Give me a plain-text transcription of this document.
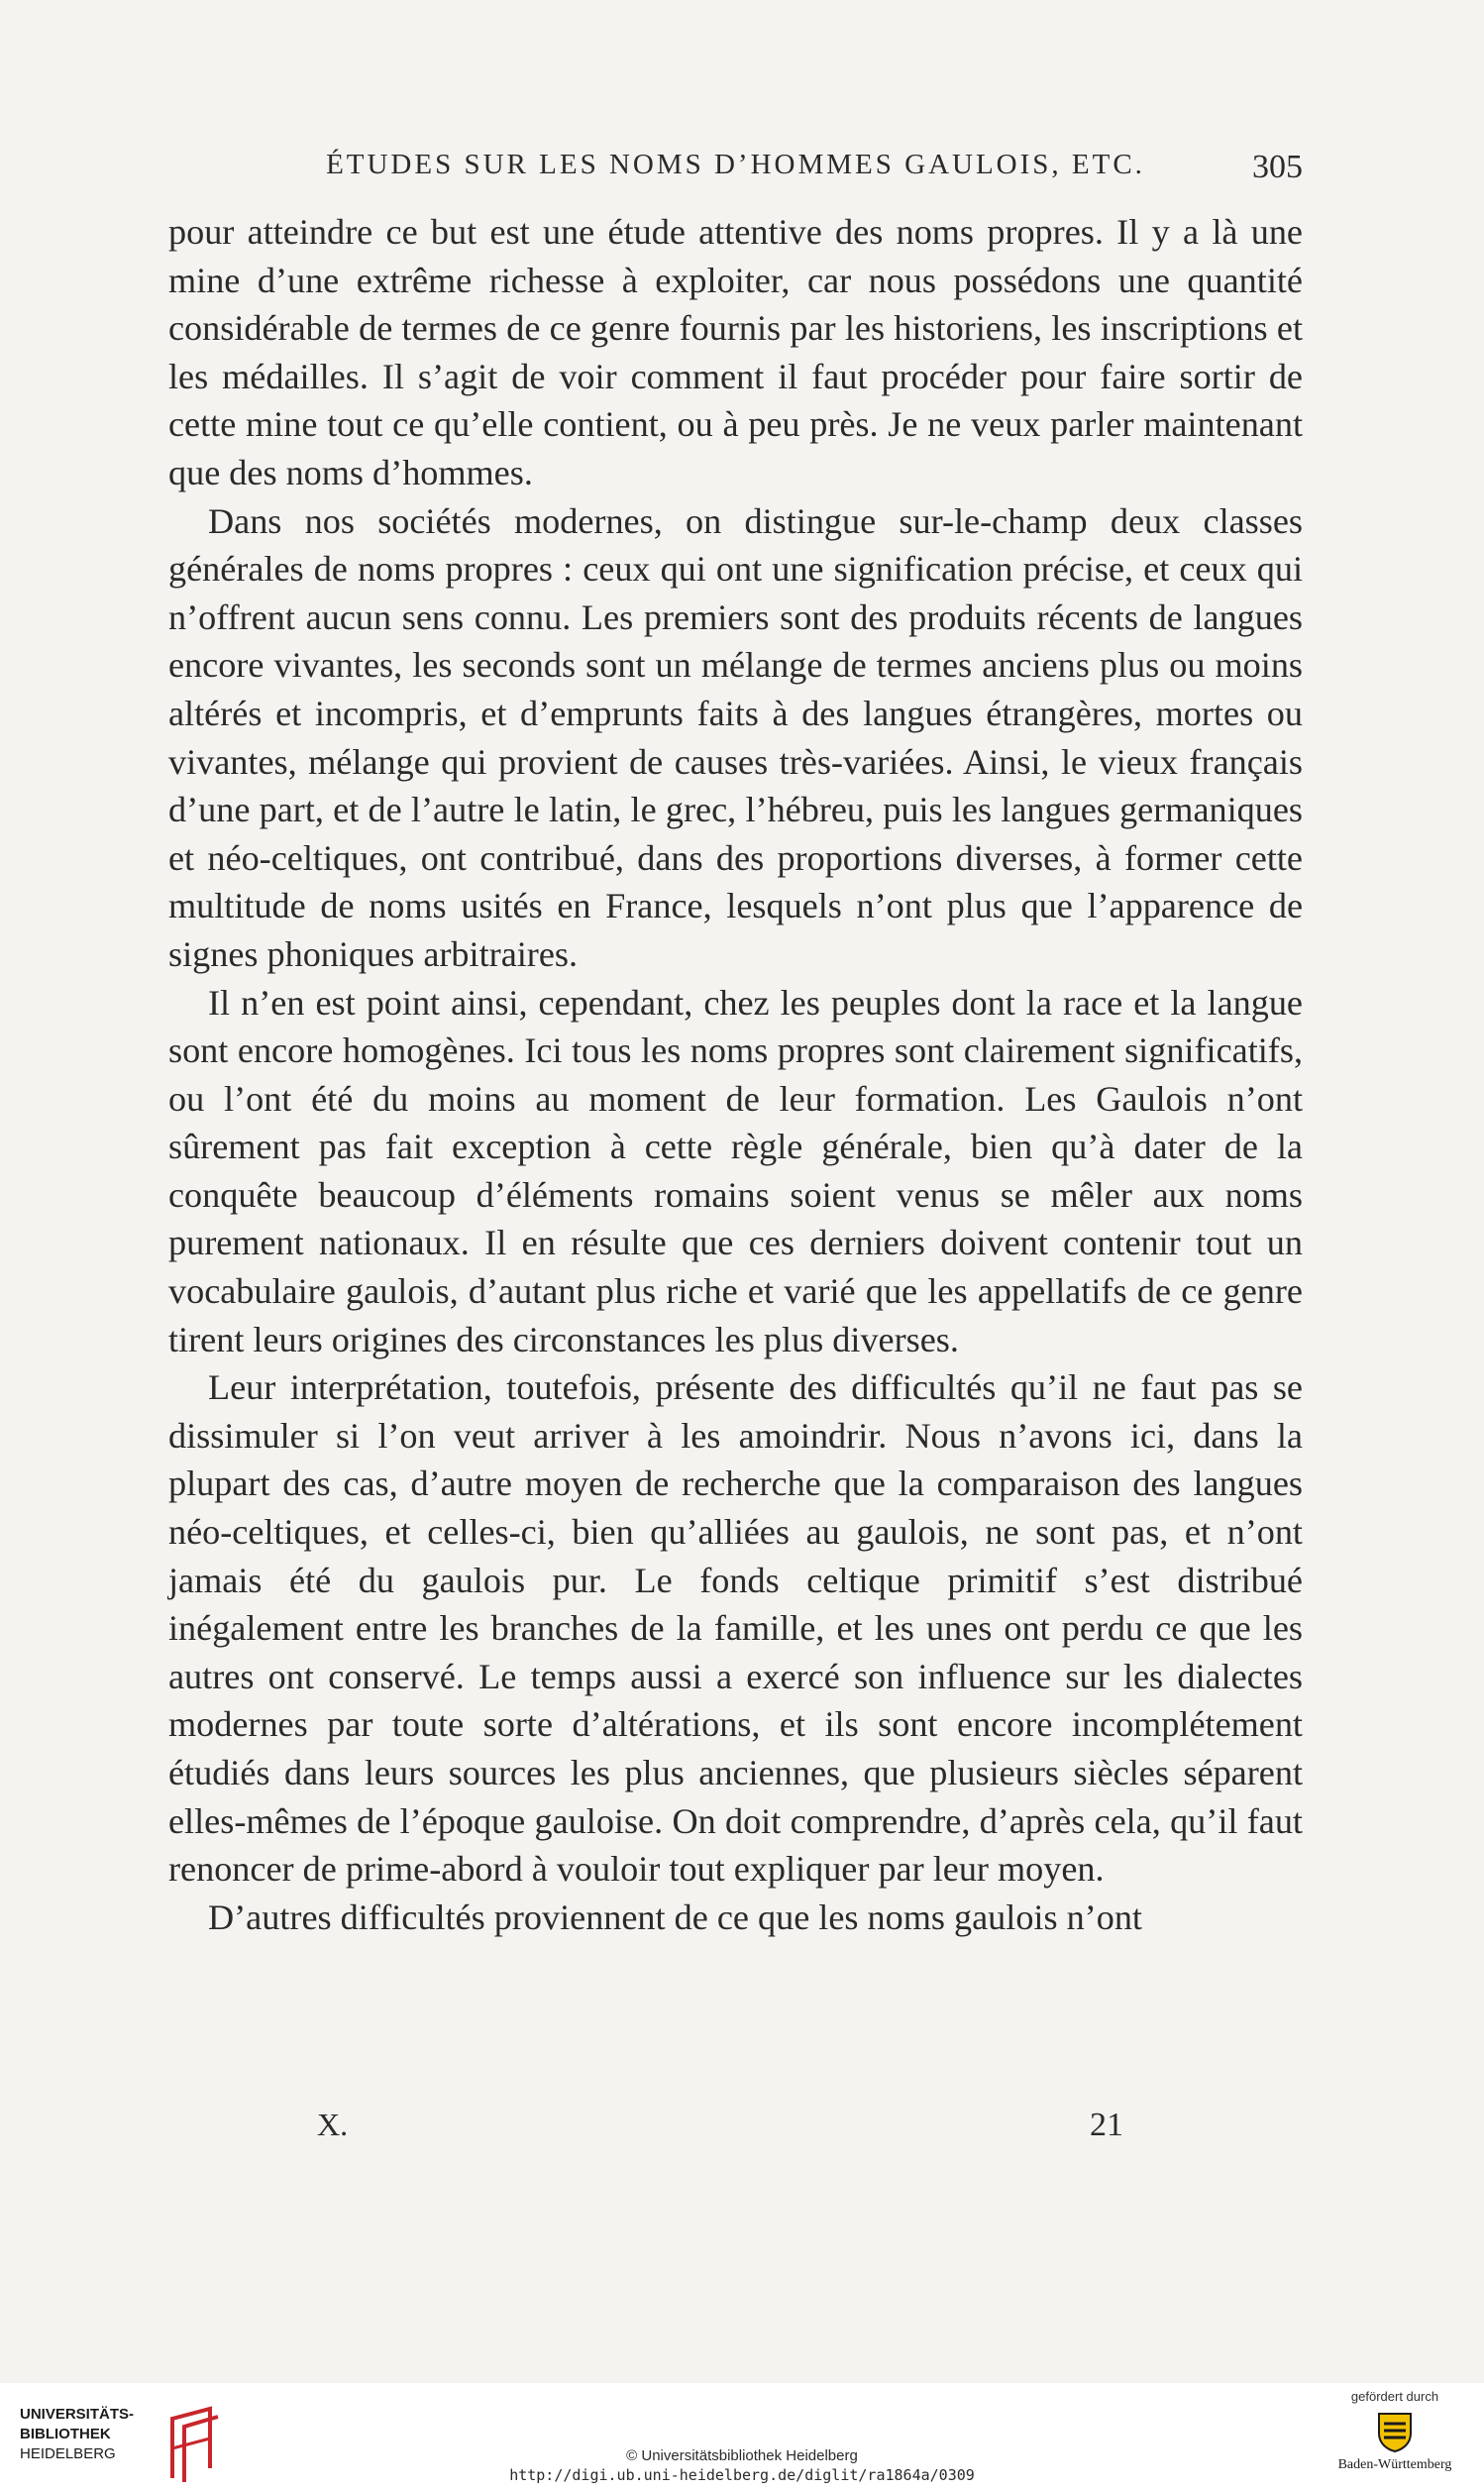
ÉTUDES SUR LES NOMS D’HOMMES GAULOIS, ETC.	305

pour atteindre ce but est une étude attentive des noms propres. Il y a là une mine d’une extrême richesse à exploiter, car nous possédons une quantité considérable de termes de ce genre fournis par les historiens, les inscriptions et les médailles. Il s’agit de voir comment il faut procéder pour faire sortir de cette mine tout ce qu’elle contient, ou à peu près. Je ne veux parler maintenant que des noms d’hommes.

Dans nos sociétés modernes, on distingue sur-le-champ deux classes générales de noms propres : ceux qui ont une signification précise, et ceux qui n’offrent aucun sens connu. Les premiers sont des produits récents de langues encore vivantes, les seconds sont un mélange de termes anciens plus ou moins altérés et incompris, et d’emprunts faits à des langues étrangères, mortes ou vivantes, mélange qui provient de causes très-variées. Ainsi, le vieux français d’une part, et de l’autre le latin, le grec, l’hébreu, puis les langues germaniques et néo-celtiques, ont contribué, dans des proportions diverses, à former cette multitude de noms usités en France, lesquels n’ont plus que l’apparence de signes phoniques arbitraires.

Il n’en est point ainsi, cependant, chez les peuples dont la race et la langue sont encore homogènes. Ici tous les noms propres sont clairement significatifs, ou l’ont été du moins au moment de leur formation. Les Gaulois n’ont sûrement pas fait exception à cette règle générale, bien qu’à dater de la conquête beaucoup d’éléments romains soient venus se mêler aux noms purement nationaux. Il en résulte que ces derniers doivent contenir tout un vocabulaire gaulois, d’autant plus riche et varié que les appellatifs de ce genre tirent leurs origines des circonstances les plus diverses.

Leur interprétation, toutefois, présente des difficultés qu’il ne faut pas se dissimuler si l’on veut arriver à les amoindrir. Nous n’avons ici, dans la plupart des cas, d’autre moyen de recherche que la comparaison des langues néo-celtiques, et celles-ci, bien qu’alliées au gaulois, ne sont pas, et n’ont jamais été du gaulois pur. Le fonds celtique primitif s’est distribué inégalement entre les branches de la famille, et les unes ont perdu ce que les autres ont conservé. Le temps aussi a exercé son influence sur les dialectes modernes par toute sorte d’altérations, et ils sont encore incomplétement étudiés dans leurs sources les plus anciennes, que plusieurs siècles séparent elles-mêmes de l’époque gauloise. On doit comprendre, d’après cela, qu’il faut renoncer de prime-abord à vouloir tout expliquer par leur moyen.

D’autres difficultés proviennent de ce que les noms gaulois n’ont

X.	21
UNIVERSITÄTS-
BIBLIOTHEK
HEIDELBERG	© Universitätsbibliothek Heidelberg
http://digi.ub.uni-heidelberg.de/diglit/ra1864a/0309
gefördert durch
Baden-Württemberg
